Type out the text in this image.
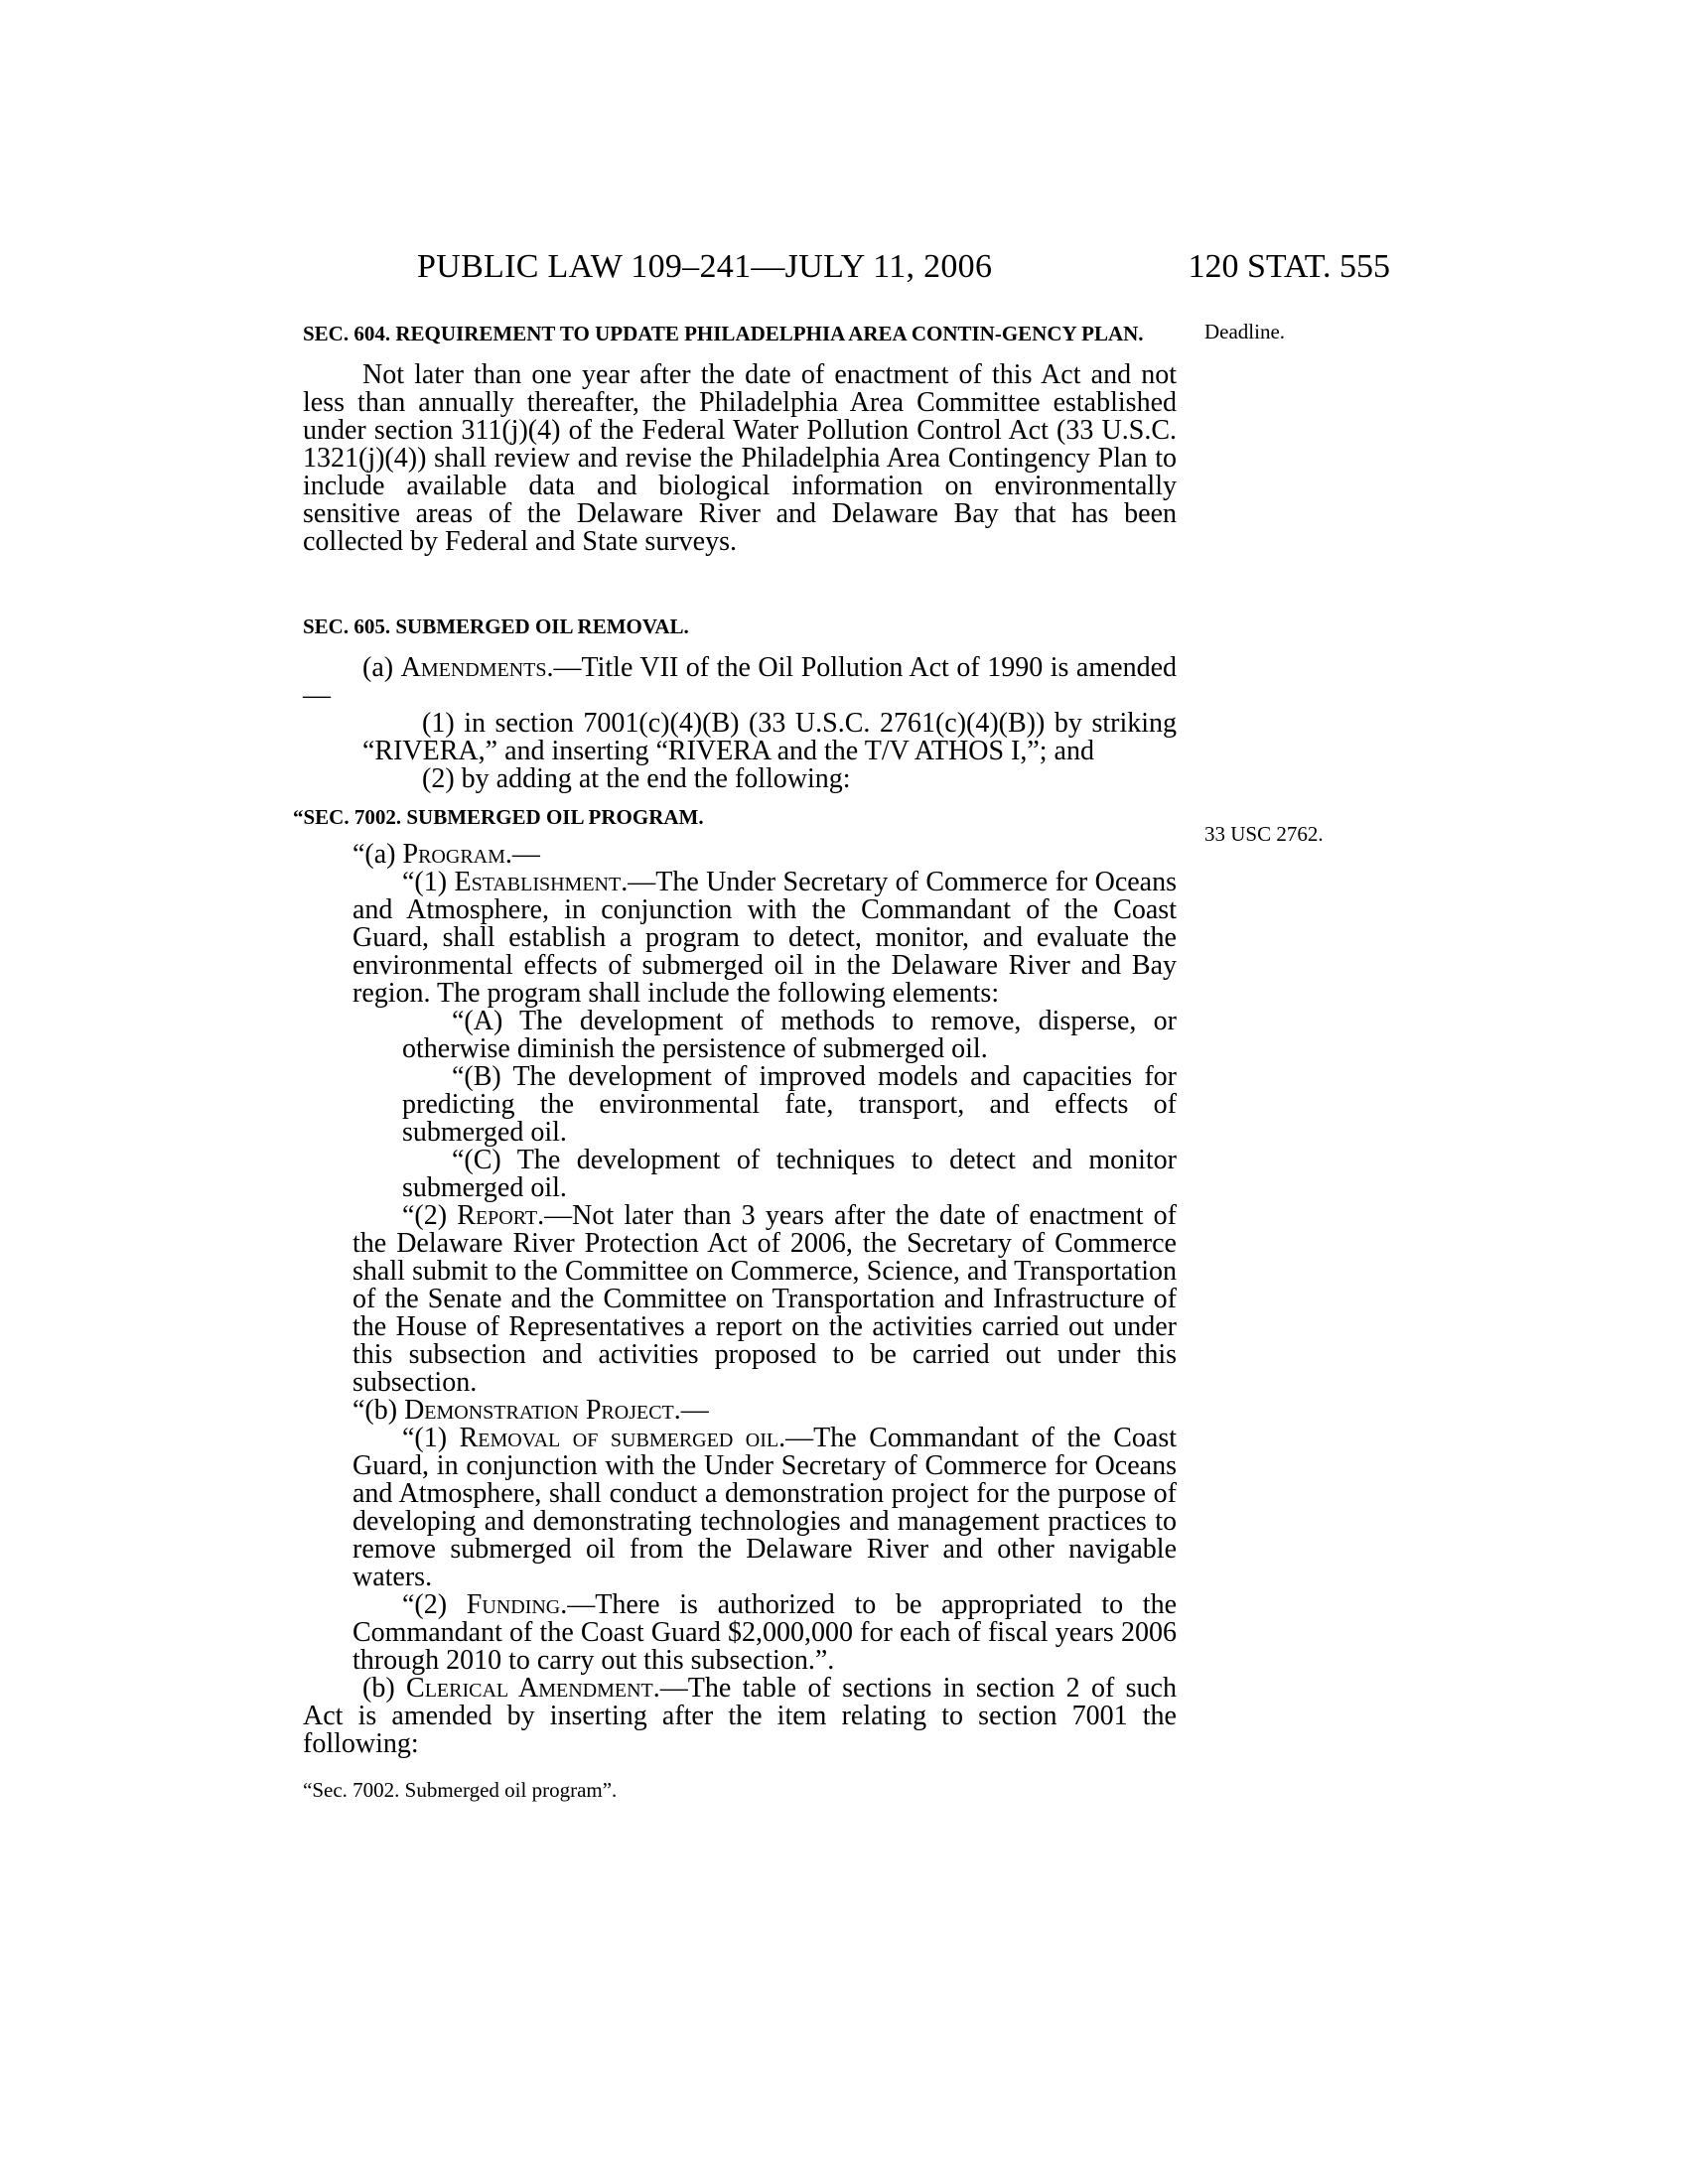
PUBLIC LAW 109–241—JULY 11, 2006	120 STAT. 555
Deadline.
33 USC 2762.
SEC. 604. REQUIREMENT TO UPDATE PHILADELPHIA AREA CONTIN-GENCY PLAN.
Not later than one year after the date of enactment of this Act and not less than annually thereafter, the Philadelphia Area Committee established under section 311(j)(4) of the Federal Water Pollution Control Act (33 U.S.C. 1321(j)(4)) shall review and revise the Philadelphia Area Contingency Plan to include available data and biological information on environmentally sensitive areas of the Delaware River and Delaware Bay that has been collected by Federal and State surveys.
SEC. 605. SUBMERGED OIL REMOVAL.
(a) Amendments.—Title VII of the Oil Pollution Act of 1990 is amended—
(1) in section 7001(c)(4)(B) (33 U.S.C. 2761(c)(4)(B)) by striking “RIVERA,” and inserting “RIVERA and the T/V ATHOS I,”; and
(2) by adding at the end the following:
“SEC. 7002. SUBMERGED OIL PROGRAM.
“(a) Program.—
“(1) Establishment.—The Under Secretary of Commerce for Oceans and Atmosphere, in conjunction with the Commandant of the Coast Guard, shall establish a program to detect, monitor, and evaluate the environmental effects of submerged oil in the Delaware River and Bay region. The program shall include the following elements:
“(A) The development of methods to remove, disperse, or otherwise diminish the persistence of submerged oil.
“(B) The development of improved models and capacities for predicting the environmental fate, transport, and effects of submerged oil.
“(C) The development of techniques to detect and monitor submerged oil.
“(2) Report.—Not later than 3 years after the date of enactment of the Delaware River Protection Act of 2006, the Secretary of Commerce shall submit to the Committee on Commerce, Science, and Transportation of the Senate and the Committee on Transportation and Infrastructure of the House of Representatives a report on the activities carried out under this subsection and activities proposed to be carried out under this subsection.
“(b) Demonstration Project.—
“(1) Removal of submerged oil.—The Commandant of the Coast Guard, in conjunction with the Under Secretary of Commerce for Oceans and Atmosphere, shall conduct a demonstration project for the purpose of developing and demonstrating technologies and management practices to remove submerged oil from the Delaware River and other navigable waters.
“(2) Funding.—There is authorized to be appropriated to the Commandant of the Coast Guard $2,000,000 for each of fiscal years 2006 through 2010 to carry out this subsection.”.
(b) Clerical Amendment.—The table of sections in section 2 of such Act is amended by inserting after the item relating to section 7001 the following:
“Sec. 7002. Submerged oil program”.
